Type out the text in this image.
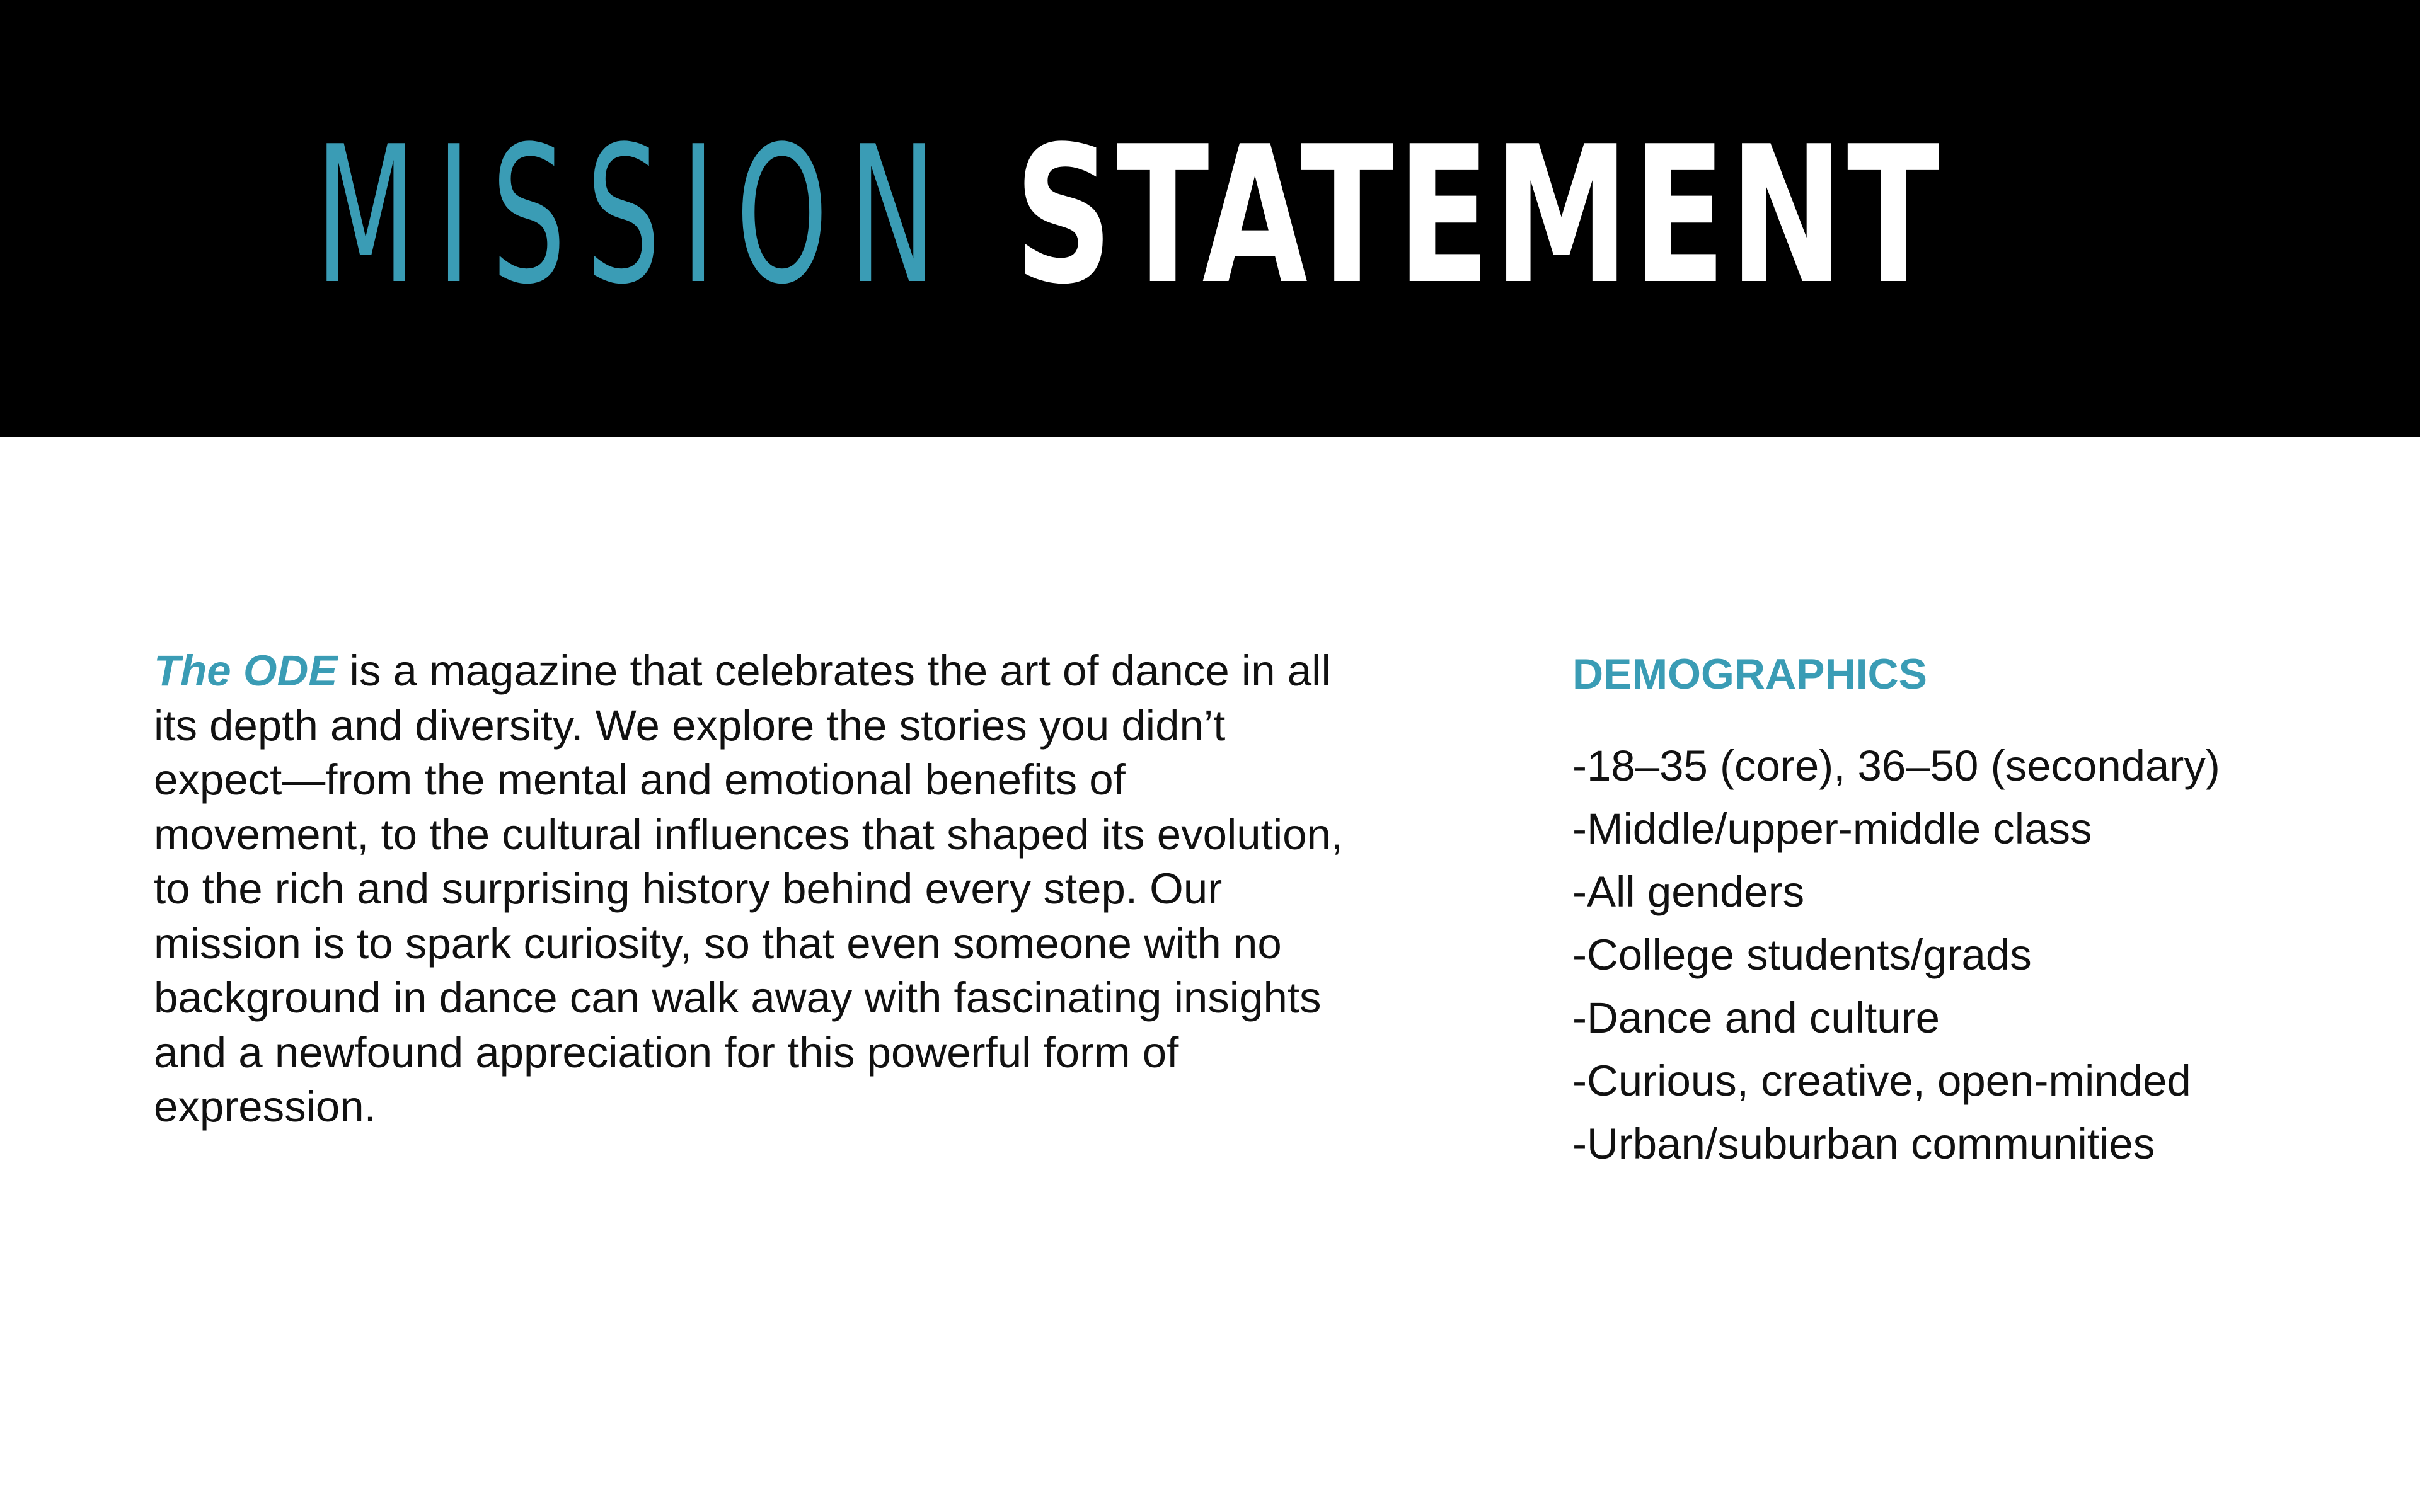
MISSION STATEMENT

The ODE is a magazine that celebrates the art of dance in all its depth and diversity. We explore the stories you didn’t expect—from the mental and emotional benefits of movement, to the cultural influences that shaped its evolution, to the rich and surprising history behind every step. Our mission is to spark curiosity, so that even someone with no background in dance can walk away with fascinating insights and a newfound appreciation for this powerful form of expression.

DEMOGRAPHICS
-18–35 (core), 36–50 (secondary)
-Middle/upper-middle class
-All genders
-College students/grads
-Dance and culture
-Curious, creative, open-minded
-Urban/suburban communities
